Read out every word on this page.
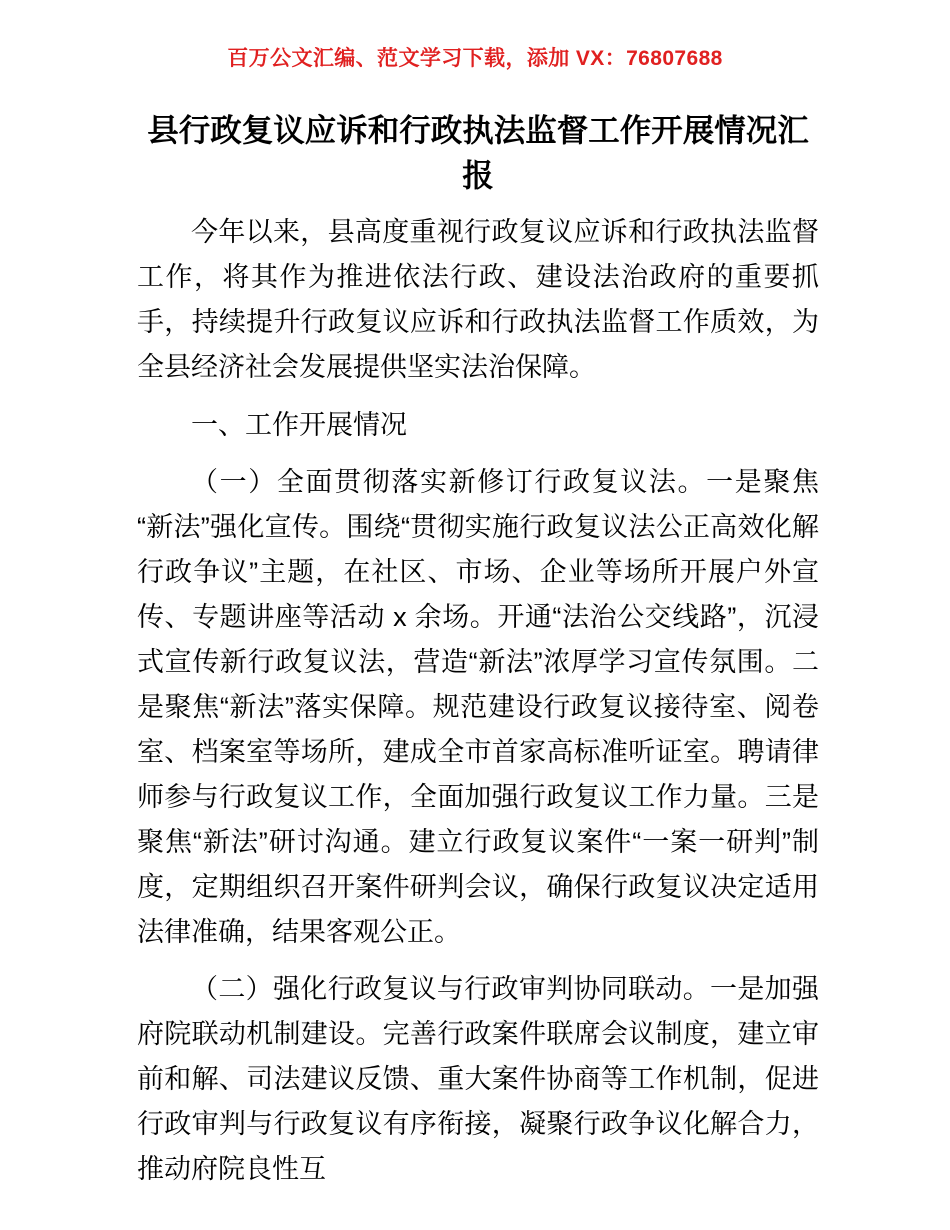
百万公文汇编、范文学习下载，添加 VX：76807688
县行政复议应诉和行政执法监督工作开展情况汇报

今年以来，县高度重视行政复议应诉和行政执法监督工作，将其作为推进依法行政、建设法治政府的重要抓手，持续提升行政复议应诉和行政执法监督工作质效，为全县经济社会发展提供坚实法治保障。

一、工作开展情况

（一）全面贯彻落实新修订行政复议法。一是聚焦“新法”强化宣传。围绕“贯彻实施行政复议法公正高效化解行政争议”主题，在社区、市场、企业等场所开展户外宣传、专题讲座等活动 x 余场。开通“法治公交线路”，沉浸式宣传新行政复议法，营造“新法”浓厚学习宣传氛围。二是聚焦“新法”落实保障。规范建设行政复议接待室、阅卷室、档案室等场所，建成全市首家高标准听证室。聘请律师参与行政复议工作，全面加强行政复议工作力量。三是聚焦“新法”研讨沟通。建立行政复议案件“一案一研判”制度，定期组织召开案件研判会议，确保行政复议决定适用法律准确，结果客观公正。

（二）强化行政复议与行政审判协同联动。一是加强府院联动机制建设。完善行政案件联席会议制度，建立审前和解、司法建议反馈、重大案件协商等工作机制，促进行政审判与行政复议有序衔接，凝聚行政争议化解合力，推动府院良性互
